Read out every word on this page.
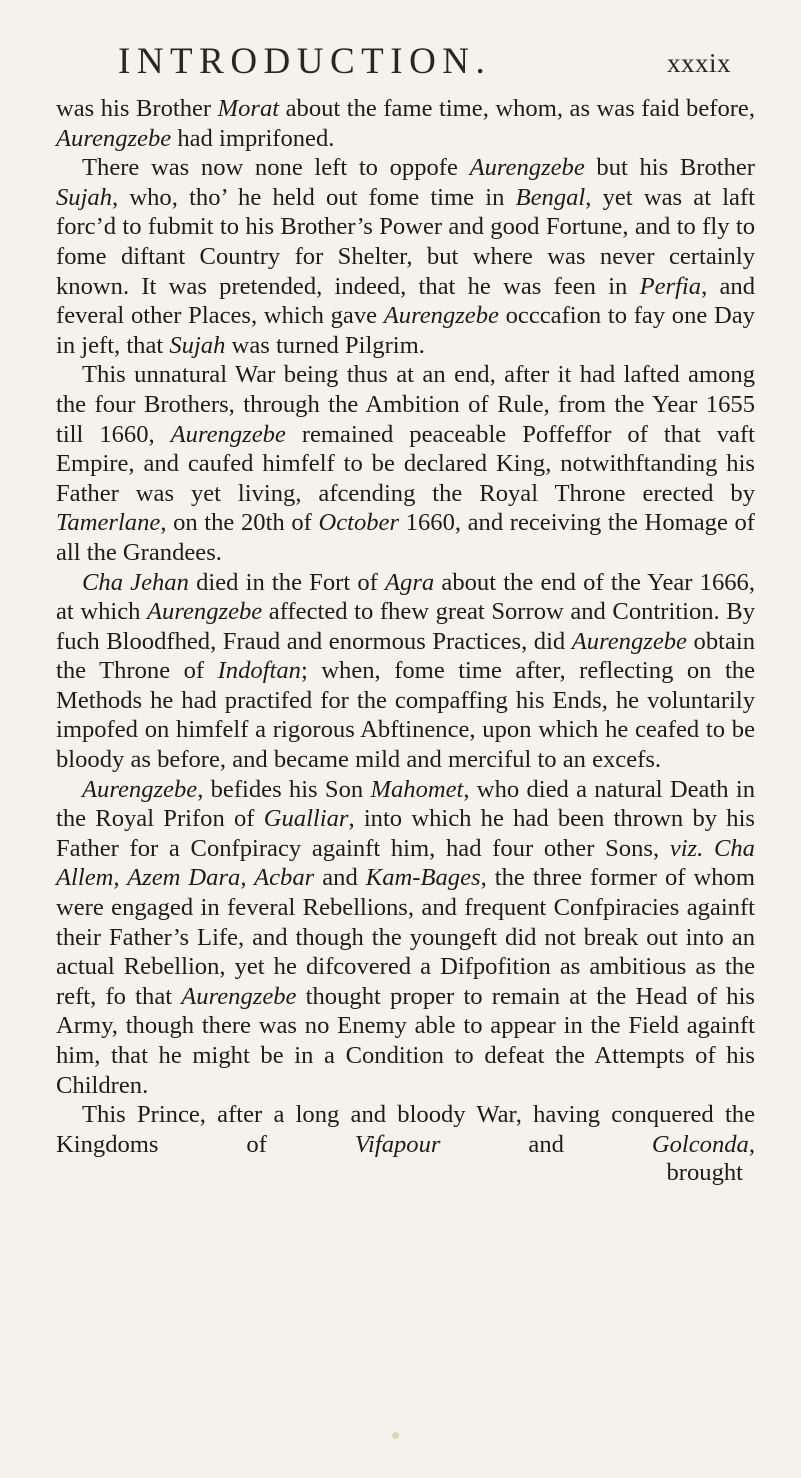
INTRODUCTION.	xxxix

was his Brother Morat about the fame time, whom, as was faid before, Aurengzebe had imprifoned.

There was now none left to oppofe Aurengzebe but his Brother Sujah, who, tho’ he held out fome time in Bengal, yet was at laft forc’d to fubmit to his Brother’s Power and good Fortune, and to fly to fome diftant Country for Shelter, but where was never certainly known. It was pretended, indeed, that he was feen in Perfia, and feveral other Places, which gave Aurengzebe occcafion to fay one Day in jeft, that Sujah was turned Pilgrim.

This unnatural War being thus at an end, after it had lafted among the four Brothers, through the Ambition of Rule, from the Year 1655 till 1660, Aurengzebe remained peaceable Poffeffor of that vaft Empire, and caufed himfelf to be declared King, notwithftanding his Father was yet living, afcending the Royal Throne erected by Tamerlane, on the 20th of October 1660, and receiving the Homage of all the Grandees.

Cha Jehan died in the Fort of Agra about the end of the Year 1666, at which Aurengzebe affected to fhew great Sorrow and Contrition. By fuch Bloodfhed, Fraud and enormous Practices, did Aurengzebe obtain the Throne of Indoftan; when, fome time after, reflecting on the Methods he had practifed for the compaffing his Ends, he voluntarily impofed on himfelf a rigorous Abftinence, upon which he ceafed to be bloody as before, and became mild and merciful to an excefs.

Aurengzebe, befides his Son Mahomet, who died a natural Death in the Royal Prifon of Gualliar, into which he had been thrown by his Father for a Confpiracy againft him, had four other Sons, viz. Cha Allem, Azem Dara, Acbar and Kam-Bages, the three former of whom were engaged in feveral Rebellions, and frequent Confpiracies againft their Father’s Life, and though the youngeft did not break out into an actual Rebellion, yet he difcovered a Difpofition as ambitious as the reft, fo that Aurengzebe thought proper to remain at the Head of his Army, though there was no Enemy able to appear in the Field againft him, that he might be in a Condition to defeat the Attempts of his Children.

This Prince, after a long and bloody War, having conquered the Kingdoms of Vifapour and Golconda,

brought
